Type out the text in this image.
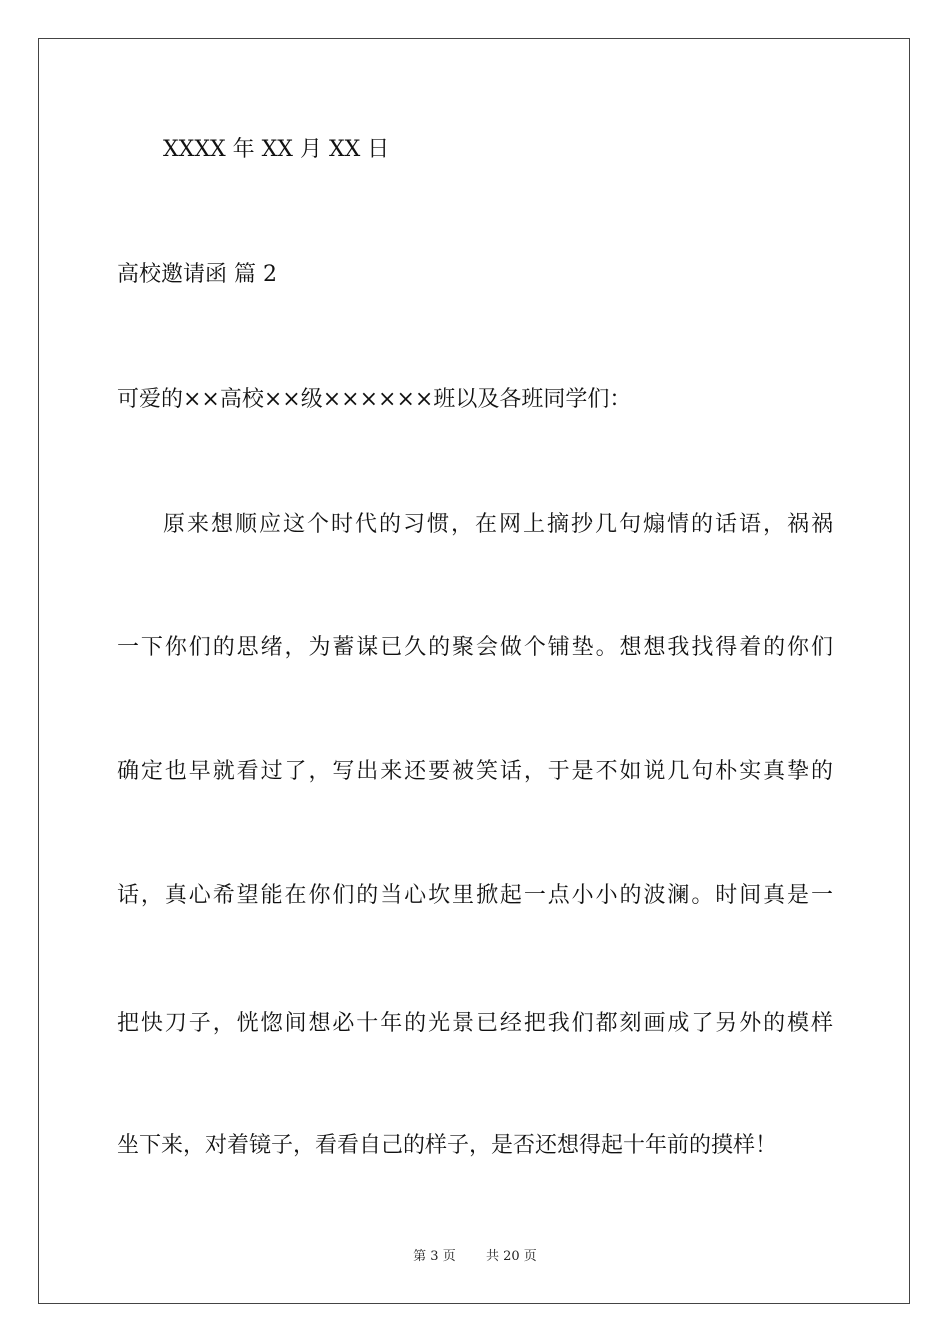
XXXX 年 XX 月 XX 日
高校邀请函 篇 2
可爱的××高校××级××××××班以及各班同学们：
原来想顺应这个时代的习惯，在网上摘抄几句煽情的话语，祸祸
一下你们的思绪，为蓄谋已久的聚会做个铺垫。想想我找得着的你们
确定也早就看过了，写出来还要被笑话，于是不如说几句朴实真挚的
话，真心希望能在你们的当心坎里掀起一点小小的波澜。时间真是一
把快刀子，恍惚间想必十年的光景已经把我们都刻画成了另外的模样
坐下来，对着镜子，看看自己的样子，是否还想得起十年前的摸样！
第 3 页 共 20 页
